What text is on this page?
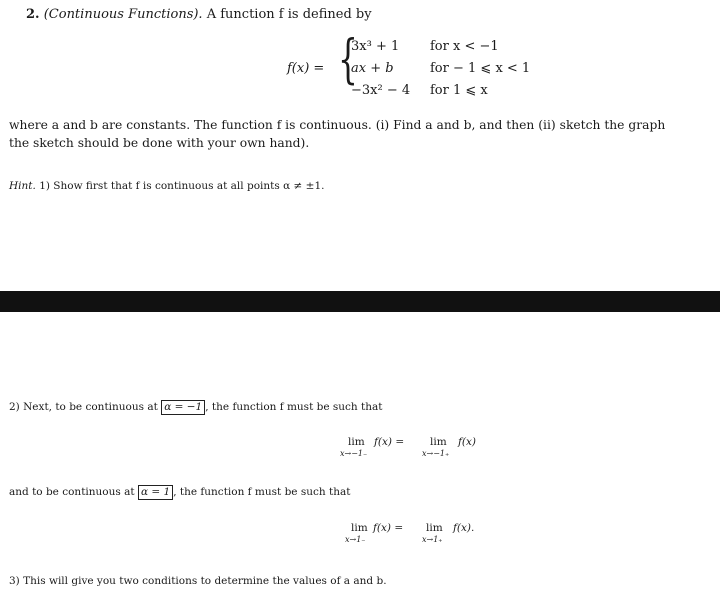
2. (Continuous Functions). A function f is defined by
f(x) = {
3x³ + 1 for x < −1
ax + b	for − 1 ⩽ x < 1
−3x² − 4 for 1 ⩽ x
where a and b are constants. The function f is continuous. (i) Find a and b, and then (ii) sketch the graph
the sketch should be done with your own hand).
Hint. 1) Show first that f is continuous at all points α ≠ ±1.
2) Next, to be continuous at α = −1 , the function f must be such that
lim
x→−1₋
f(x) = lim
x→−1₊
f(x)
and to be continuous at α = 1 , the function f must be such that
lim
x→1₋
f(x) = lim
x→1₊
f(x).
3) This will give you two conditions to determine the values of a and b.
